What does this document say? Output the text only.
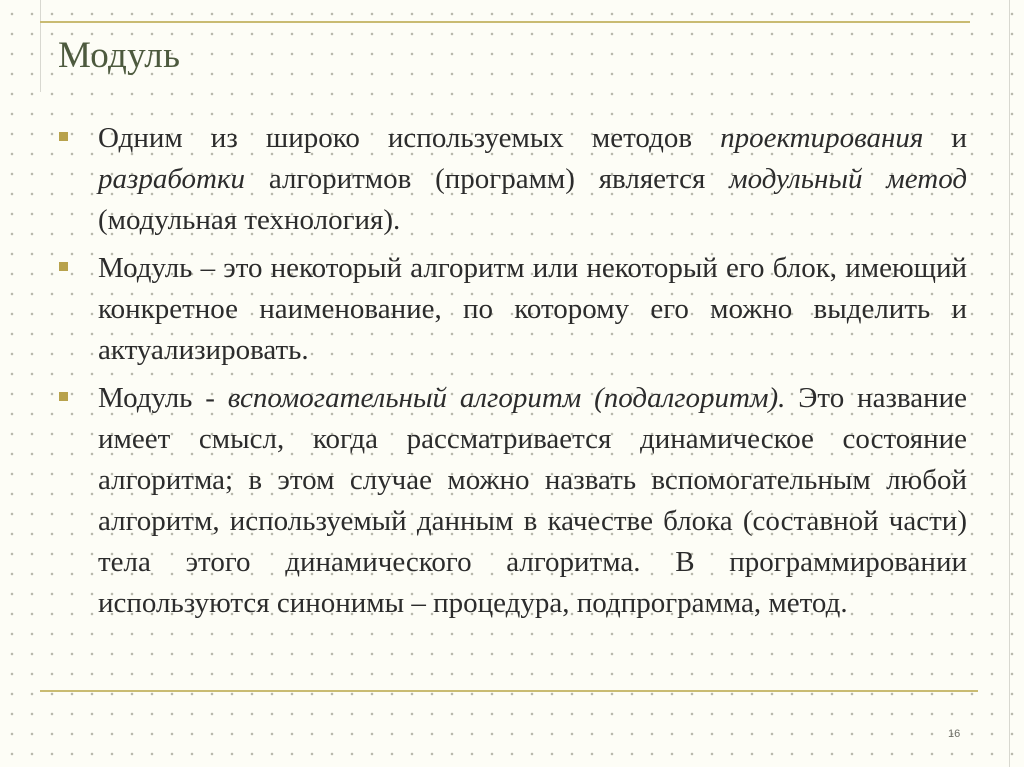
Модуль
Одним из широко используемых методов проектирования и разработки алгоритмов (программ) является модульный метод (модульная технология).
Модуль – это некоторый алгоритм или некоторый его блок, имеющий конкретное наименование, по которому его можно выделить и актуализировать.
Модуль - вспомогательный алгоритм (подалгоритм). Это название имеет смысл, когда рассматривается динамическое состояние алгоритма; в этом случае можно назвать вспомогательным любой алгоритм, используемый данным в качестве блока (составной части) тела этого динамического алгоритма. В программировании используются синонимы – процедура, подпрограмма, метод.
16
